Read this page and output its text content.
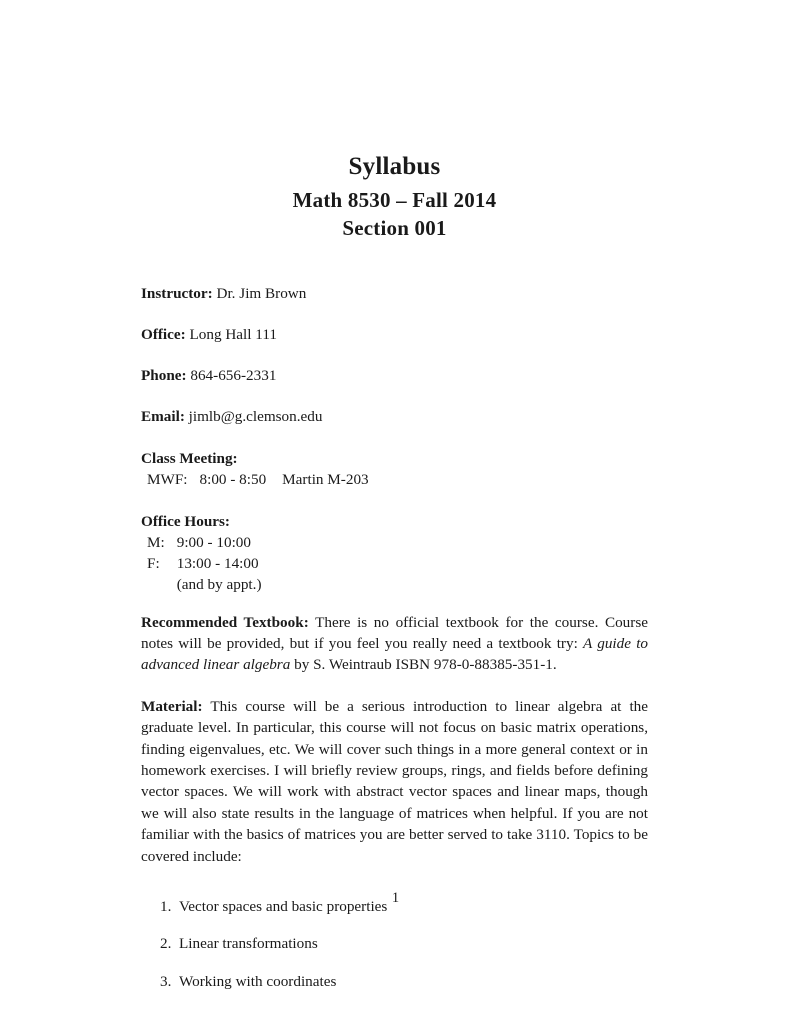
Syllabus
Math 8530 – Fall 2014
Section 001
Instructor: Dr. Jim Brown
Office: Long Hall 111
Phone: 864-656-2331
Email: jimlb@g.clemson.edu
Class Meeting:
MWF:	8:00 - 8:50	Martin M-203
Office Hours:
M:	9:00 - 10:00
F:	13:00 - 14:00
	(and by appt.)

Recommended Textbook: There is no official textbook for the course. Course notes will be provided, but if you feel you really need a textbook try: A guide to advanced linear algebra by S. Weintraub ISBN 978-0-88385-351-1.

Material: This course will be a serious introduction to linear algebra at the graduate level. In particular, this course will not focus on basic matrix operations, finding eigenvalues, etc. We will cover such things in a more general context or in homework exercises. I will briefly review groups, rings, and fields before defining vector spaces. We will work with abstract vector spaces and linear maps, though we will also state results in the language of matrices when helpful. If you are not familiar with the basics of matrices you are better served to take 3110. Topics to be covered include:

1. Vector spaces and basic properties
2. Linear transformations
3. Working with coordinates
1
